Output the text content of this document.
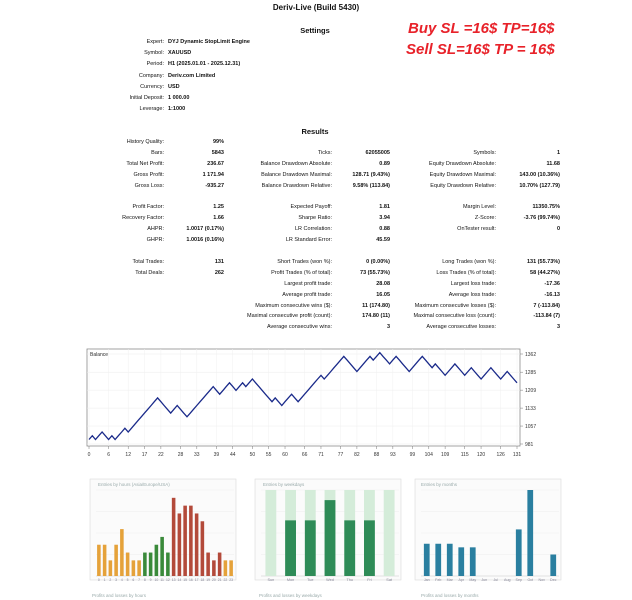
Deriv-Live (Build 5430)
Buy SL =16$ TP=16$
Sell SL=16$ TP = 16$
Settings
Expert: DYJ Dynamic StopLimit Engine
Symbol: XAUUSD
Period: H1 (2025.01.01 - 2025.12.31)
Company: Deriv.com Limited
Currency: USD
Initial Deposit: 1 000.00
Leverage: 1:1000
Results
History Quality:	99%
Bars:	5843
Total Net Profit:	236.67
Gross Profit:	1 171.94
Gross Loss:	-935.27
Profit Factor:	1.25
Recovery Factor:	1.66
AHPR:	1.0017 (0.17%)
GHPR:	1.0016 (0.16%)
Total Trades:	131
Total Deals:	262
Ticks:	62055005
Balance Drawdown Absolute:	0.89
Balance Drawdown Maximal:	128.71 (9.43%)
Balance Drawdown Relative:	9.58% (113.84)
Expected Payoff:	1.81
Sharpe Ratio:	3.94
LR Correlation:	0.88
LR Standard Error:	45.59
Short Trades (won %):	0 (0.00%)
Profit Trades (% of total):	73 (55.73%)
Largest profit trade:	28.08
Average profit trade:	16.05
Maximum consecutive wins ($):	11 (174.80)
Maximal consecutive profit (count):	174.80 (11)
Average consecutive wins:	3
Symbols:	1
Equity Drawdown Absolute:	11.68
Equity Drawdown Maximal:	143.00 (10.36%)
Equity Drawdown Relative:	10.70% (127.79)
Margin Level:	11350.75%
Z-Score:	-3.76 (99.74%)
OnTester result:	0
Long Trades (won %):	131 (55.73%)
Loss Trades (% of total):	58 (44.27%)
Largest loss trade:	-17.36
Average loss trade:	-16.13
Maximum consecutive losses ($):	7 (-113.84)
Maximal consecutive loss (count):	-113.84 (7)
Average consecutive losses:	3
Balance	1362
1285
1209
1133
1057
981
0	6	12 17 22	28 33	39 44	50 55 60	66 71	77 82	88 93	99 104 109 115 120 126 131
Entries by hours (Asia/Europe/USA)
0 1 2 3 4 5 6 7 8 9 10 11 12 13 14 15 16 17 18 19 20 21 22 23
Profits and losses by hours
Entries by weekdays
Sun	Mon	Tue	Wed	Thu	Fri	Sat
Profits and losses by weekdays
Entries by months
Jan Feb Mar Apr May Jun Jul Aug Sep Oct Nov Dec
Profits and losses by months
